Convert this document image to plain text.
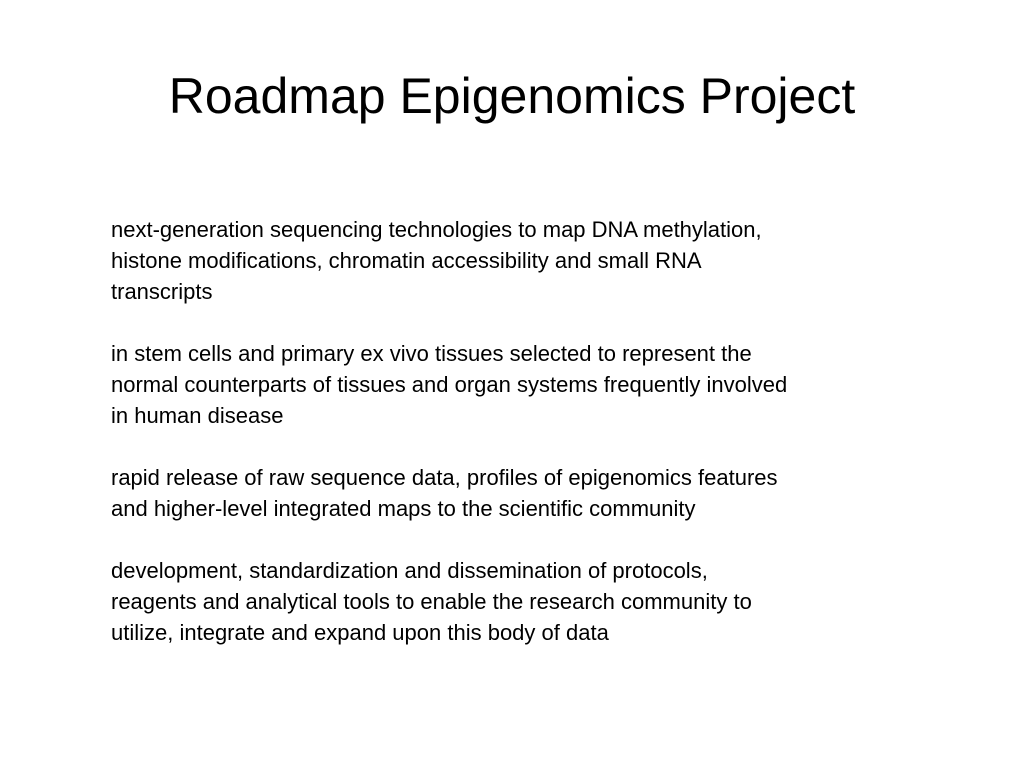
Roadmap Epigenomics Project

next-generation sequencing technologies to map DNA methylation,
histone modifications, chromatin accessibility and small RNA
transcripts

in stem cells and primary ex vivo tissues selected to represent the
normal counterparts of tissues and organ systems frequently involved
in human disease

rapid release of raw sequence data, profiles of epigenomics features
and higher-level integrated maps to the scientific community

development, standardization and dissemination of protocols,
reagents and analytical tools to enable the research community to
utilize, integrate and expand upon this body of data
